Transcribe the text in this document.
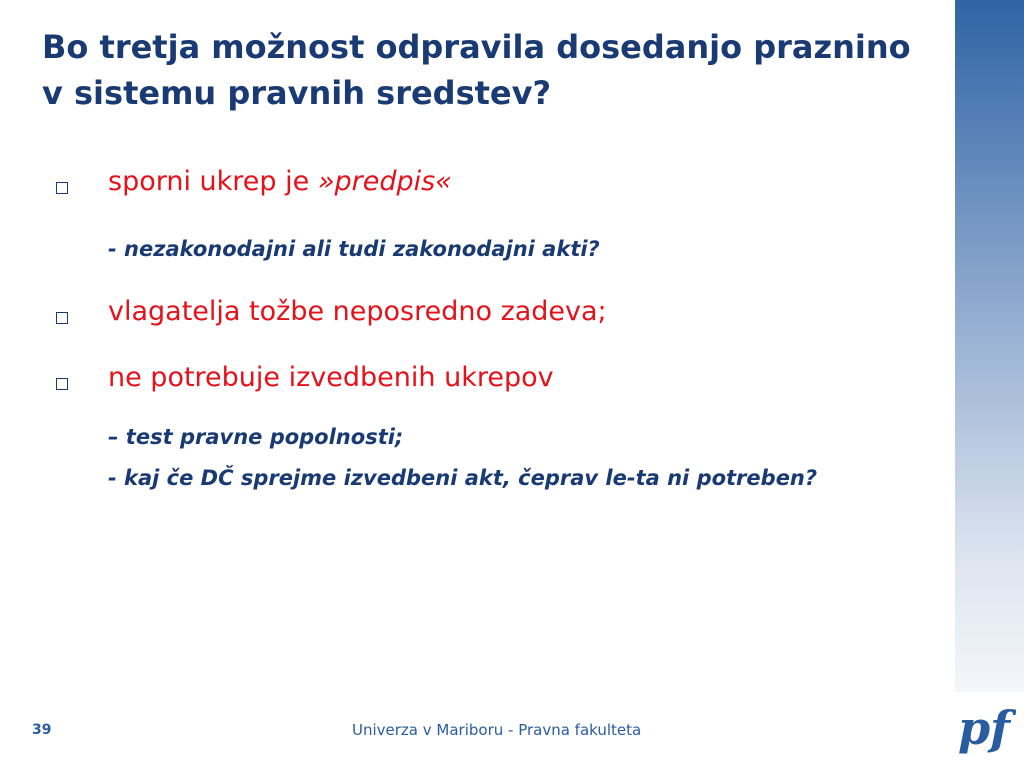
Bo tretja možnost odpravila dosedanjo praznino v sistemu pravnih sredstev?
sporni ukrep je »predpis«
- nezakonodajni ali tudi zakonodajni akti?
vlagatelja tožbe neposredno zadeva;
ne potrebuje izvedbenih ukrepov
– test pravne popolnosti;
- kaj če DČ sprejme izvedbeni akt, čeprav le-ta ni potreben?
39	Univerza v Mariboru - Pravna fakulteta	pf
